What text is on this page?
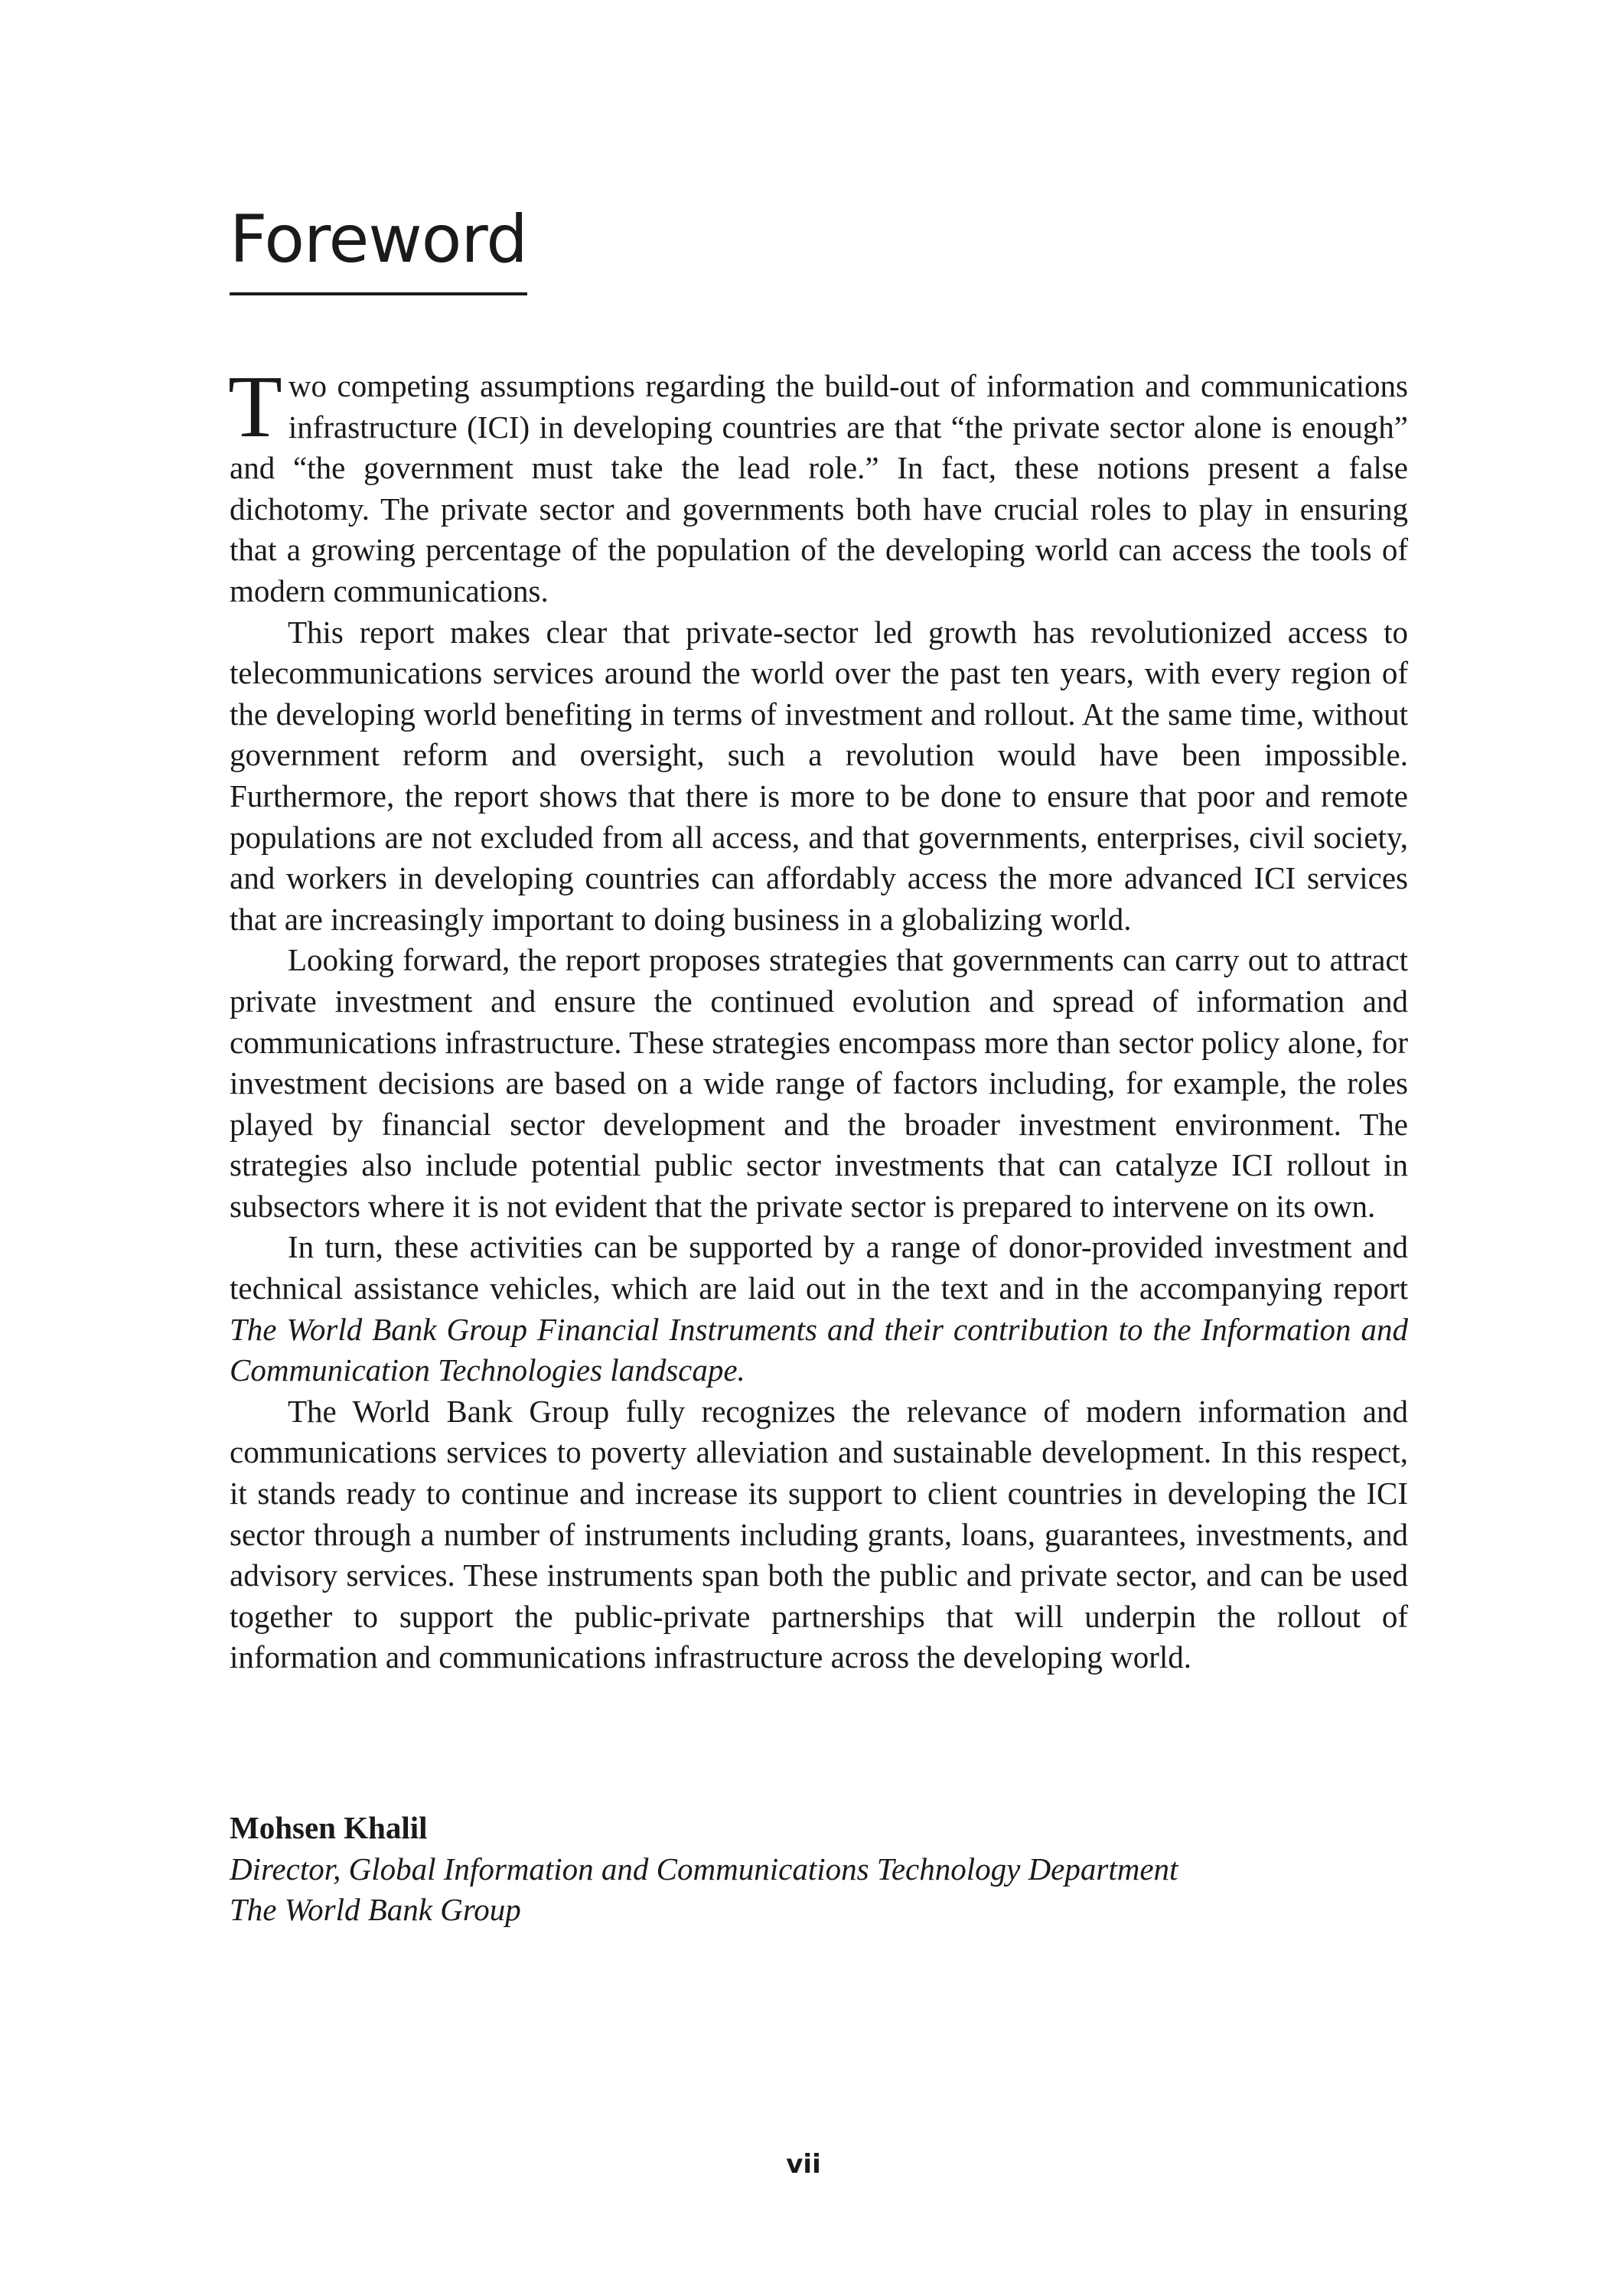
Foreword

Two competing assumptions regarding the build-out of information and communications infrastructure (ICI) in developing countries are that “the private sector alone is enough” and “the government must take the lead role.” In fact, these notions present a false dichotomy. The private sector and governments both have crucial roles to play in ensuring that a growing percentage of the population of the developing world can access the tools of modern communications.

This report makes clear that private-sector led growth has revolutionized access to telecommunications services around the world over the past ten years, with every region of the developing world benefiting in terms of investment and rollout. At the same time, without government reform and oversight, such a revolution would have been impossible. Furthermore, the report shows that there is more to be done to ensure that poor and remote populations are not excluded from all access, and that governments, enterprises, civil society, and workers in developing countries can affordably access the more advanced ICI services that are increasingly important to doing business in a globalizing world.

Looking forward, the report proposes strategies that governments can carry out to attract private investment and ensure the continued evolution and spread of information and communications infrastructure. These strategies encompass more than sector policy alone, for investment decisions are based on a wide range of factors including, for example, the roles played by financial sector development and the broader investment environment. The strategies also include potential public sector investments that can catalyze ICI rollout in subsectors where it is not evident that the private sector is prepared to intervene on its own.

In turn, these activities can be supported by a range of donor-provided investment and technical assistance vehicles, which are laid out in the text and in the accompanying report The World Bank Group Financial Instruments and their contribution to the Information and Communication Technologies landscape.

The World Bank Group fully recognizes the relevance of modern information and communications services to poverty alleviation and sustainable development. In this respect, it stands ready to continue and increase its support to client countries in developing the ICI sector through a number of instruments including grants, loans, guarantees, investments, and advisory services. These instruments span both the public and private sector, and can be used together to support the public-private partnerships that will underpin the rollout of information and communications infrastructure across the developing world.

Mohsen Khalil
Director, Global Information and Communications Technology Department
The World Bank Group
vii
